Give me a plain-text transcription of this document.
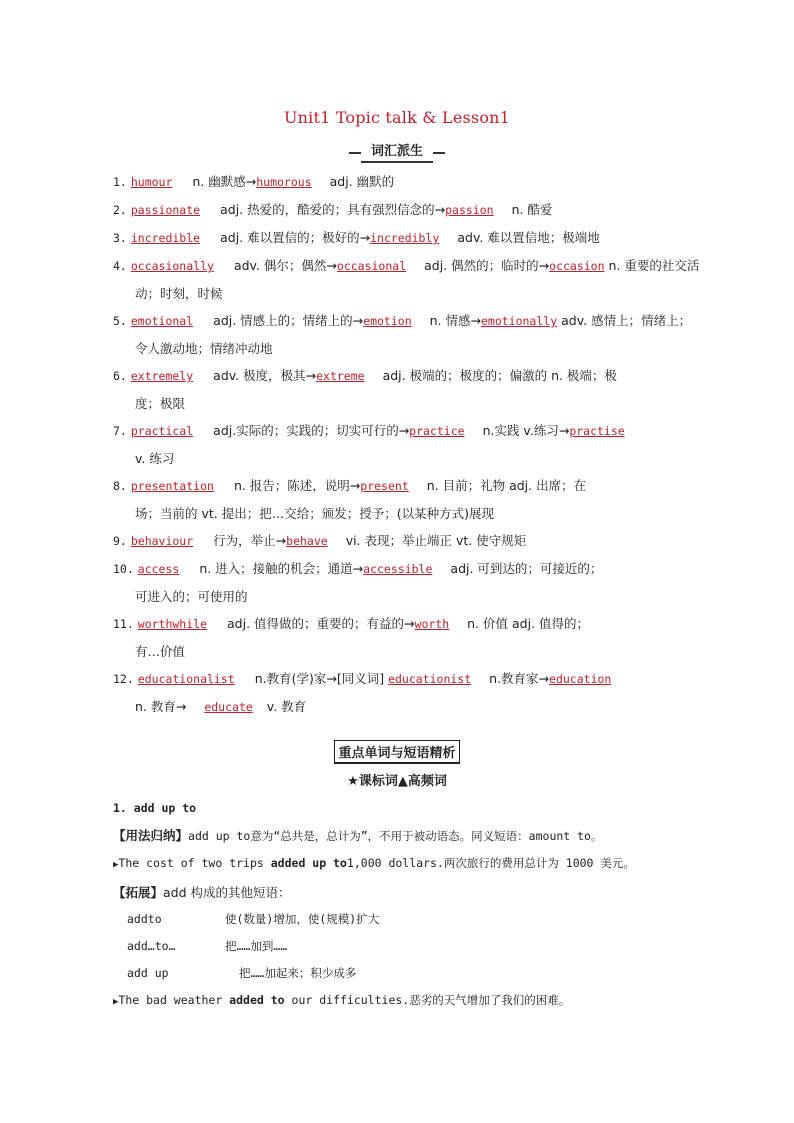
Unit1 Topic talk & Lesson1
词汇派生
1. humour n. 幽默感→humorous adj. 幽默的
2. passionate adj. 热爱的，酷爱的；具有强烈信念的→passion n. 酷爱
3. incredible adj. 难以置信的；极好的→incredibly adv. 难以置信地；极端地
4. occasionally adv. 偶尔；偶然→occasional adj. 偶然的；临时的→occasion n. 重要的社交活
动；时刻，时候
5. emotional adj. 情感上的；情绪上的→emotion n. 情感→emotionally adv. 感情上；情绪上；
令人激动地；情绪冲动地
6. extremely adv. 极度，极其→extreme adj. 极端的；极度的；偏激的 n. 极端；极
度；极限
7. practical adj.实际的；实践的；切实可行的→practice n.实践 v.练习→practise
v. 练习
8. presentation n. 报告；陈述，说明→present n. 目前；礼物 adj. 出席；在
场；当前的 vt. 提出；把…交给；颁发；授予；(以某种方式)展现
9. behaviour 行为，举止→behave vi. 表现；举止端正 vt. 使守规矩
10. access n. 进入；接触的机会；通道→accessible adj. 可到达的；可接近的；
可进入的；可使用的
11. worthwhile adj. 值得做的；重要的；有益的→worth n. 价值 adj. 值得的；
有…价值
12. educationalist n.教育(学)家→[同义词] educationist n.教育家→education
n. 教育→ educate v. 教育
重点单词与短语精析
★课标词▲高频词
1. add up to
【用法归纳】add up to意为“总共是，总计为”，不用于被动语态。同义短语：amount to。
▶The cost of two trips added up to1,000 dollars.两次旅行的费用总计为 1000 美元。
【拓展】add 构成的其他短语：
addto	使(数量)增加，使(规模)扩大
add…to…	把……加到……
add up	把……加起来；积少成多
▶The bad weather added to our difficulties.恶劣的天气增加了我们的困难。
